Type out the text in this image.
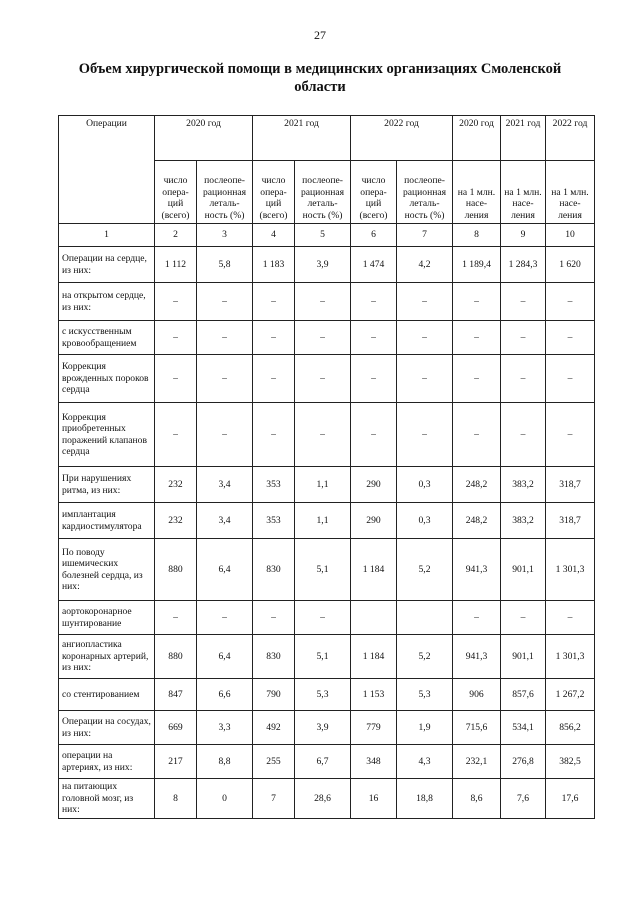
27
Объем хирургической помощи в медицинских организациях Смоленской области
Операции	2020 год		2021 год		2022 год		2020 год	2021 год	2022 год
	число опера-ций (всего)	послеопе-рационная леталь-ность (%)	число опера-ций (всего)	послеопе-рационная леталь-ность (%)	число опера-ций (всего)	послеопе-рационная леталь-ность (%)	на 1 млн. насе-ления	на 1 млн. насе-ления	на 1 млн. насе-ления
1	2	3	4	5	6	7	8	9	10
Операции на сердце, из них:	1 112	5,8	1 183	3,9	1 474	4,2	1 189,4	1 284,3	1 620
на открытом сердце, из них:	–	–	–	–	–	–	–	–	–
с искусственным кровообращением	–	–	–	–	–	–	–	–	–
Коррекция врожденных пороков сердца	–	–	–	–	–	–	–	–	–
Коррекция приобретенных поражений клапанов сердца	–	–	–	–	–	–	–	–	–
При нарушениях ритма, из них:	232	3,4	353	1,1	290	0,3	248,2	383,2	318,7
имплантация кардиостимулятора	232	3,4	353	1,1	290	0,3	248,2	383,2	318,7
По поводу ишемических болезней сердца, из них:	880	6,4	830	5,1	1 184	5,2	941,3	901,1	1 301,3
аортокоронарное шунтирование	–	–	–	–			–	–	–
ангиопластика коронарных артерий, из них:	880	6,4	830	5,1	1 184	5,2	941,3	901,1	1 301,3
со стентированием	847	6,6	790	5,3	1 153	5,3	906	857,6	1 267,2
Операции на сосудах, из них:	669	3,3	492	3,9	779	1,9	715,6	534,1	856,2
операции на артериях, из них:	217	8,8	255	6,7	348	4,3	232,1	276,8	382,5
на питающих головной мозг, из них:	8	0	7	28,6	16	18,8	8,6	7,6	17,6
